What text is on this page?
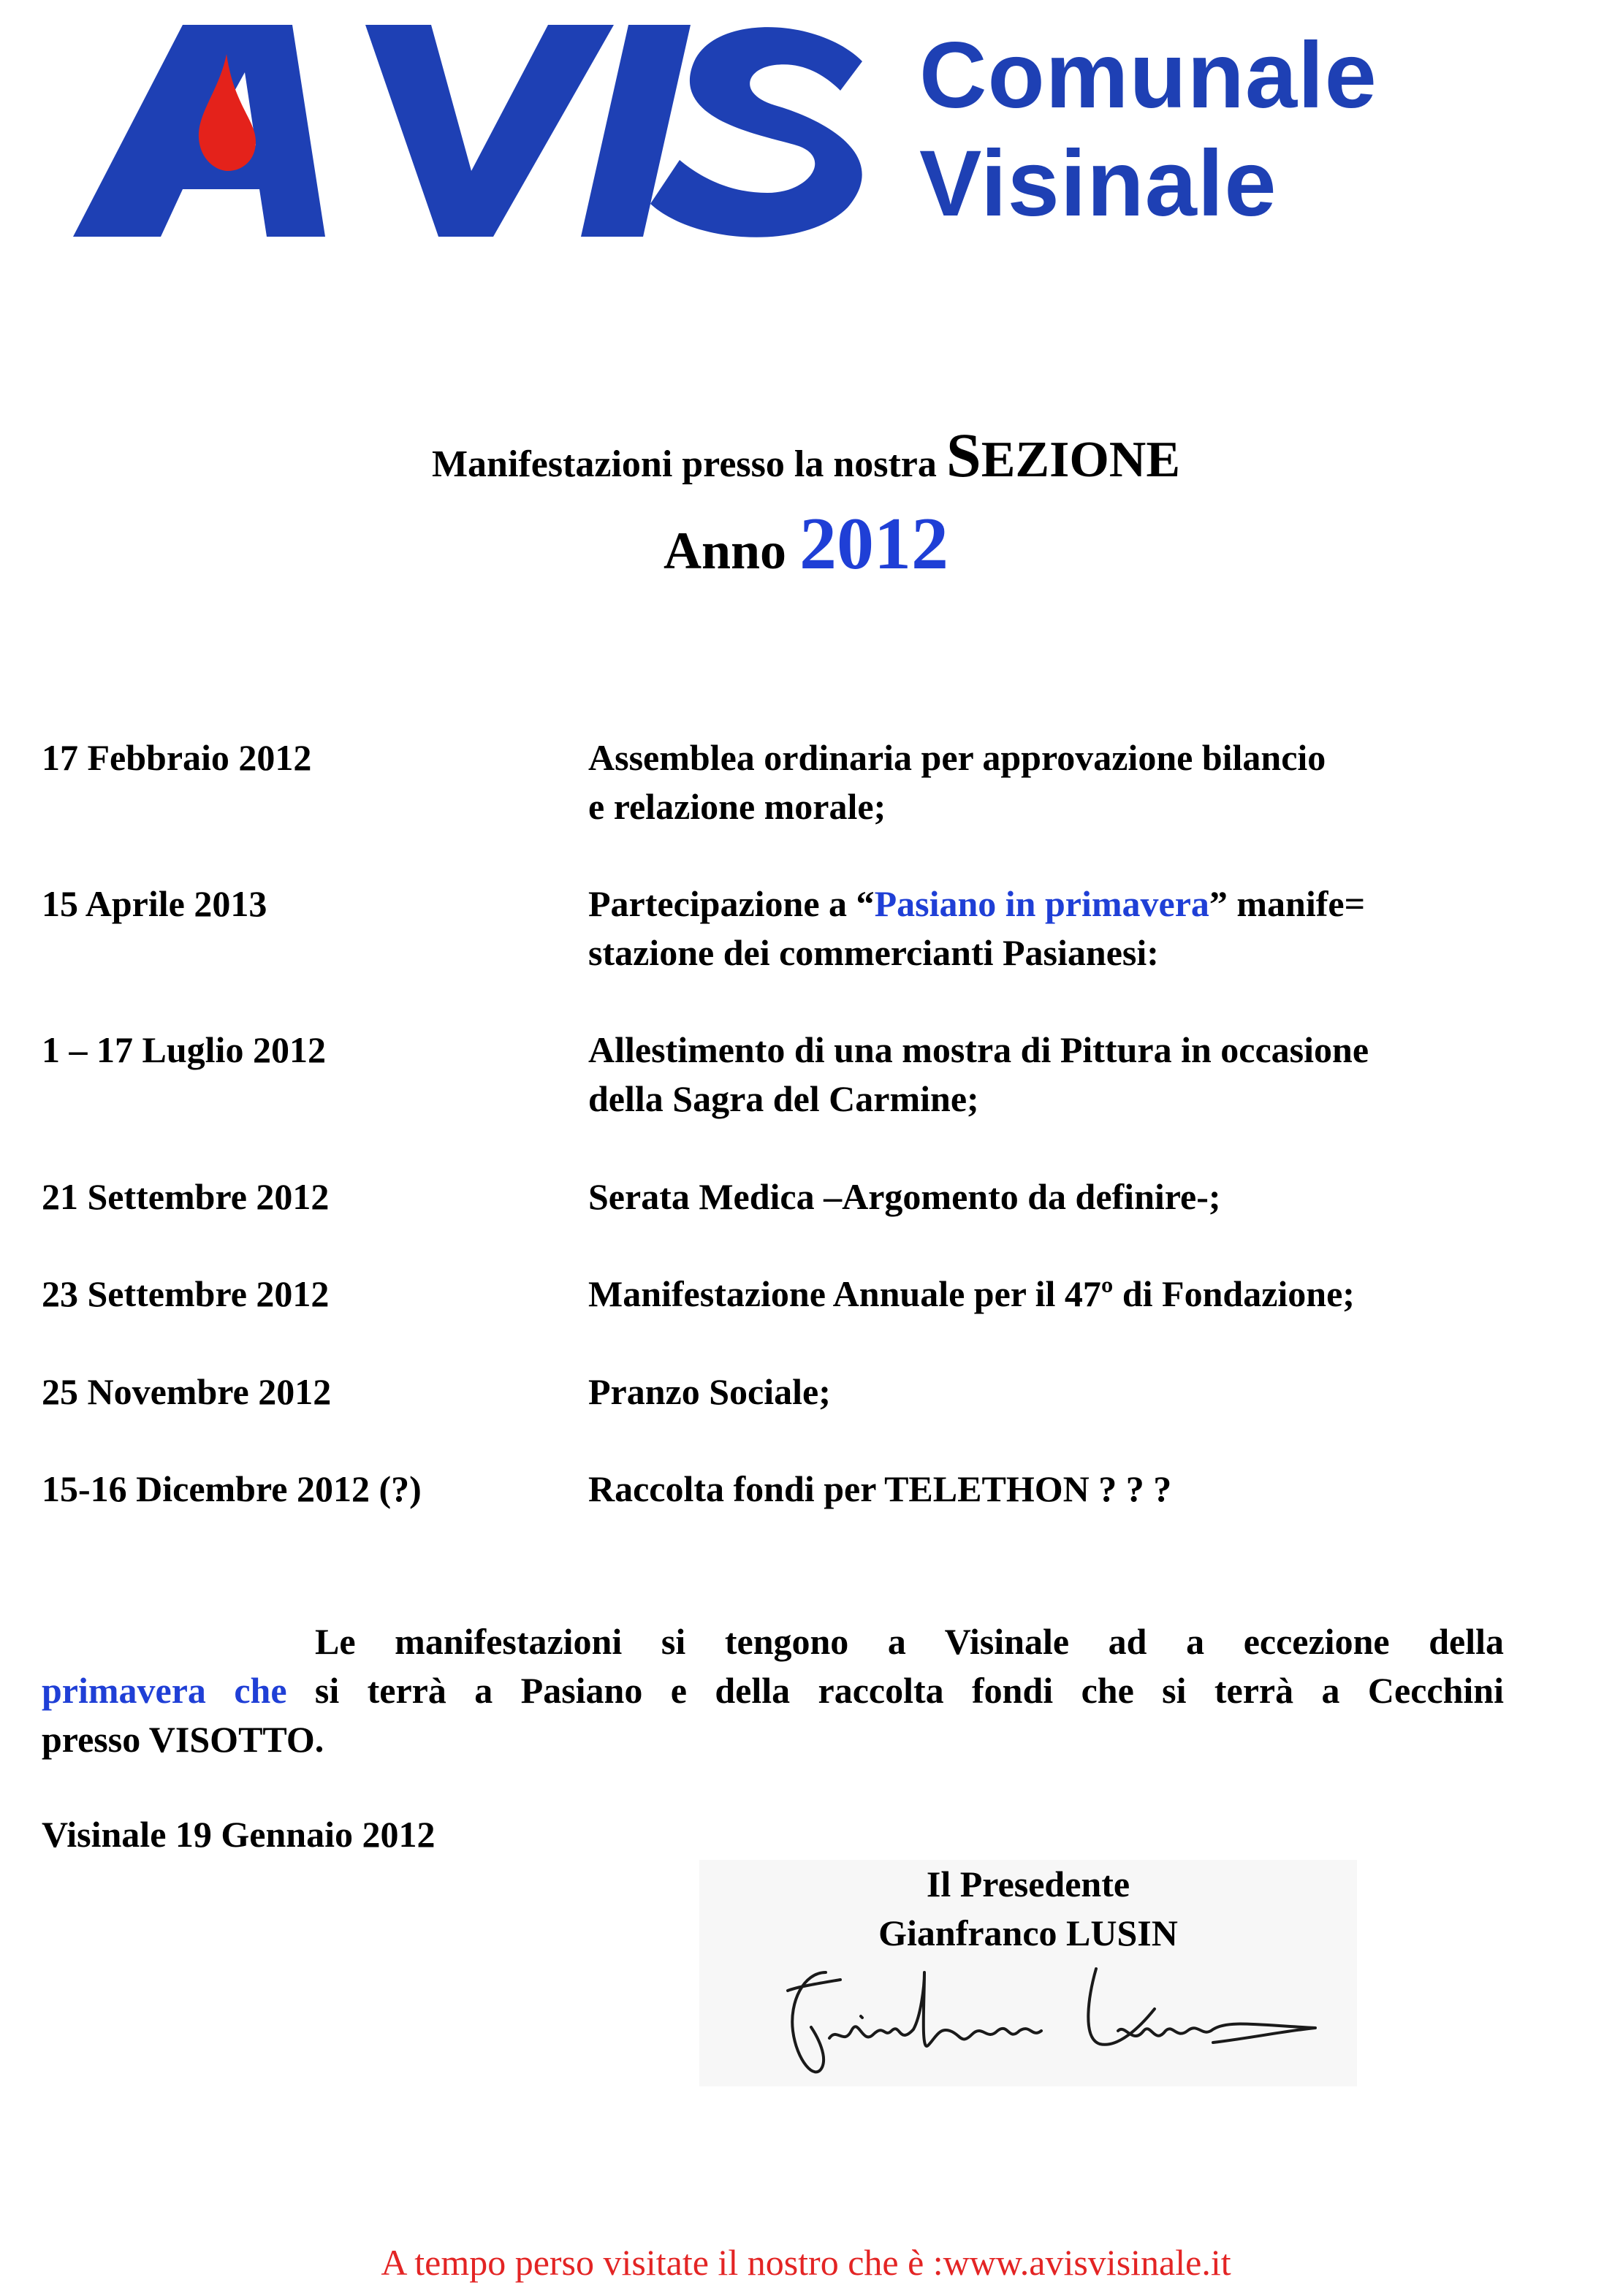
Comunale
Visinale
Manifestazioni presso la nostra SEZIONE
Anno 2012
17 Febbraio 2012	Assemblea ordinaria per approvazione bilancio
e relazione morale;
15 Aprile 2013	Partecipazione a “Pasiano in primavera” manife=
stazione dei commercianti Pasianesi:
1 – 17 Luglio 2012	Allestimento di una mostra di Pittura in occasione
della Sagra del Carmine;
21 Settembre 2012	Serata Medica –Argomento da definire-;
23 Settembre 2012	Manifestazione Annuale per il 47º di Fondazione;
25 Novembre 2012	Pranzo Sociale;
15-16 Dicembre 2012 (?)	Raccolta fondi per TELETHON ? ? ?
Le manifestazioni si tengono a Visinale ad a eccezione della
primavera che si terrà a Pasiano e della raccolta fondi che si terrà a Cecchini
presso VISOTTO.
Visinale 19 Gennaio 2012
Il Presedente
Gianfranco LUSIN
A tempo perso visitate il nostro che è :www.avisvisinale.it
